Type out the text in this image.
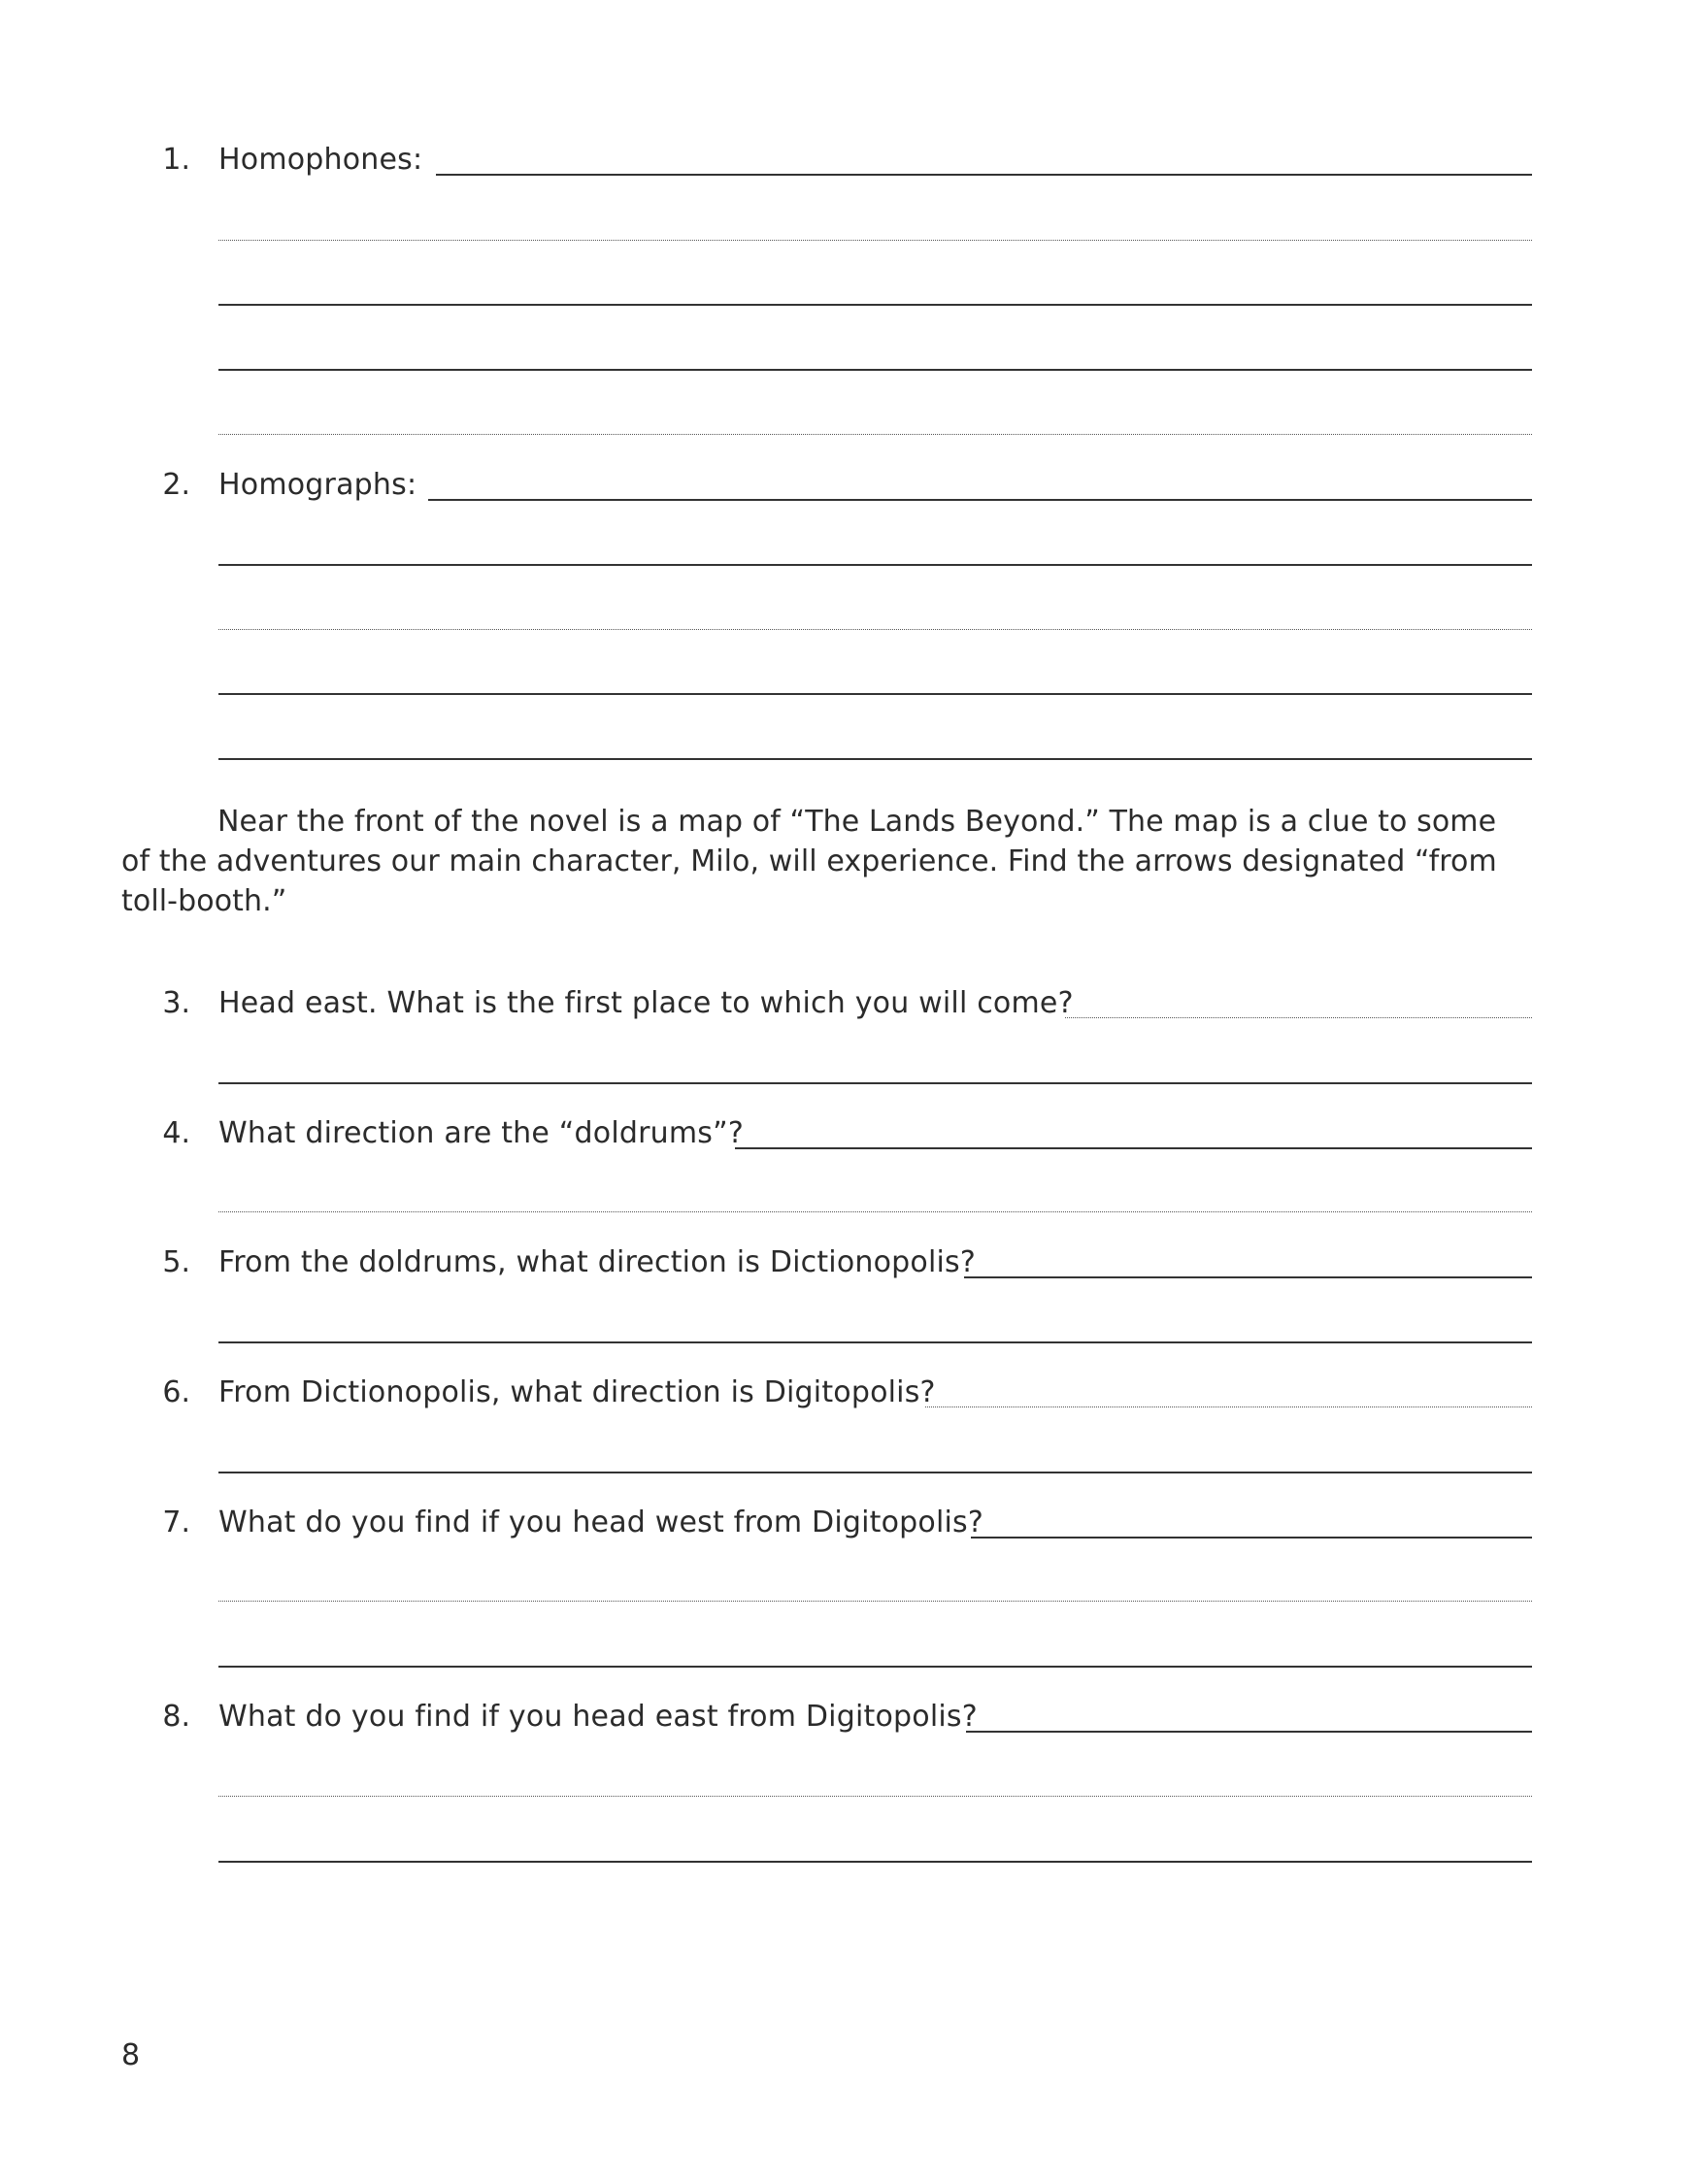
1. Homophones:
2. Homographs:
Near the front of the novel is a map of “The Lands Beyond.” The map is a clue to some of the adventures our main character, Milo, will experience. Find the arrows designated “from toll-booth.”
3. Head east. What is the first place to which you will come?
4. What direction are the “doldrums”?
5. From the doldrums, what direction is Dictionopolis?
6. From Dictionopolis, what direction is Digitopolis?
7. What do you find if you head west from Digitopolis?
8. What do you find if you head east from Digitopolis?
8
